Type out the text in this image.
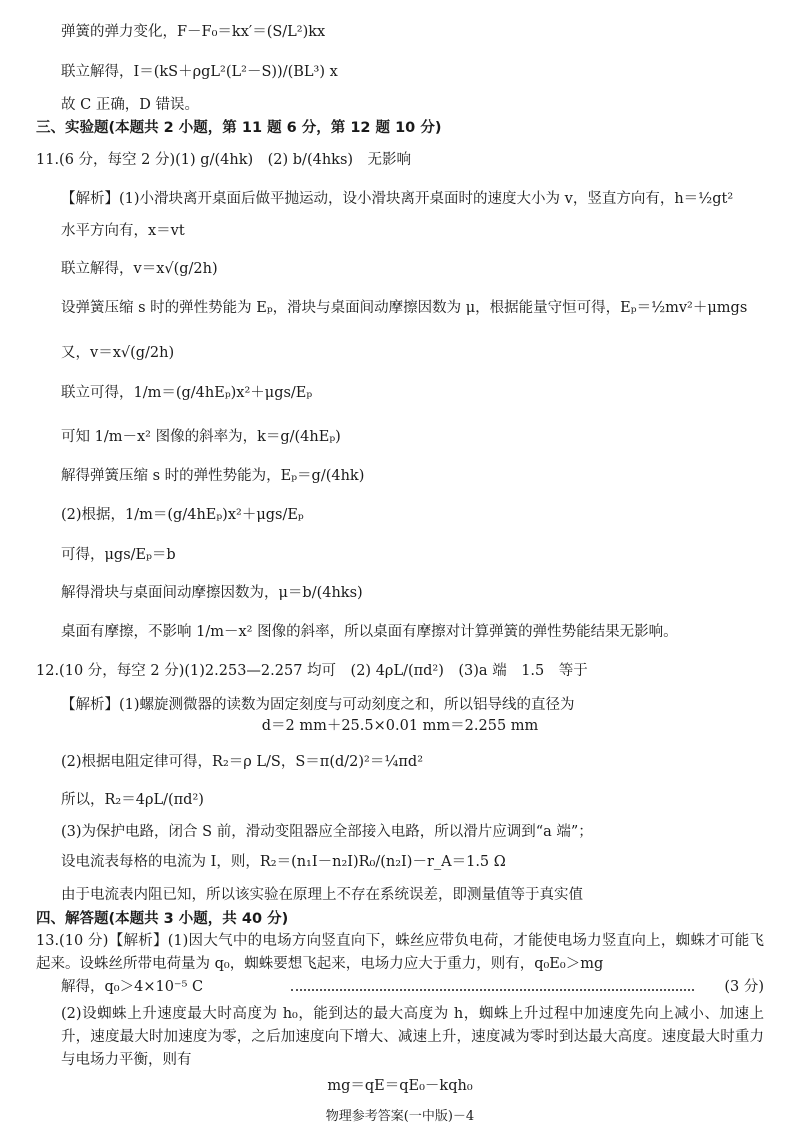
弹簧的弹力变化，F－F₀＝kx′＝(S/L²)kx
联立解得，I＝(kS＋ρgL²(L²－S))/(BL³) x
故 C 正确，D 错误。
三、实验题(本题共 2 小题，第 11 题 6 分，第 12 题 10 分)
11.(6 分，每空 2 分)(1) g/(4hk)　(2) b/(4hks)　无影响
【解析】(1)小滑块离开桌面后做平抛运动，设小滑块离开桌面时的速度大小为 v，竖直方向有，h＝½gt²
水平方向有，x＝vt
联立解得，v＝x√(g/2h)
设弹簧压缩 s 时的弹性势能为 Eₚ，滑块与桌面间动摩擦因数为 μ，根据能量守恒可得，Eₚ＝½mv²＋μmgs
又，v＝x√(g/2h)
联立可得，1/m＝(g/4hEₚ)x²＋μgs/Eₚ
可知 1/m－x² 图像的斜率为，k＝g/(4hEₚ)
解得弹簧压缩 s 时的弹性势能为，Eₚ＝g/(4hk)
(2)根据，1/m＝(g/4hEₚ)x²＋μgs/Eₚ
可得，μgs/Eₚ＝b
解得滑块与桌面间动摩擦因数为，μ＝b/(4hks)
桌面有摩擦，不影响 1/m－x² 图像的斜率，所以桌面有摩擦对计算弹簧的弹性势能结果无影响。
12.(10 分，每空 2 分)(1)2.253—2.257 均可　(2) 4ρL/(πd²)　(3)a 端　1.5　等于
【解析】(1)螺旋测微器的读数为固定刻度与可动刻度之和，所以铝导线的直径为
d＝2 mm＋25.5×0.01 mm＝2.255 mm
(2)根据电阻定律可得，R₂＝ρ L/S，S＝π(d/2)²＝¼πd²
所以，R₂＝4ρL/(πd²)
(3)为保护电路，闭合 S 前，滑动变阻器应全部接入电路，所以滑片应调到“a 端”；
设电流表每格的电流为 I，则，R₂＝(n₁I－n₂I)R₀/(n₂I)－r_A＝1.5 Ω
由于电流表内阻已知，所以该实验在原理上不存在系统误差，即测量值等于真实值
四、解答题(本题共 3 小题，共 40 分)
13.(10 分)【解析】(1)因大气中的电场方向竖直向下，蛛丝应带负电荷，才能使电场力竖直向上，蜘蛛才可能飞起来。设蛛丝所带电荷量为 q₀，蜘蛛要想飞起来，电场力应大于重力，则有，q₀E₀＞mg
解得，q₀＞4×10⁻⁵ C	(3 分)
(2)设蜘蛛上升速度最大时高度为 h₀，能到达的最大高度为 h，蜘蛛上升过程中加速度先向上减小、加速上升，速度最大时加速度为零，之后加速度向下增大、减速上升，速度减为零时到达最大高度。速度最大时重力与电场力平衡，则有
mg＝qE＝qE₀－kqh₀
物理参考答案(一中版)－4
